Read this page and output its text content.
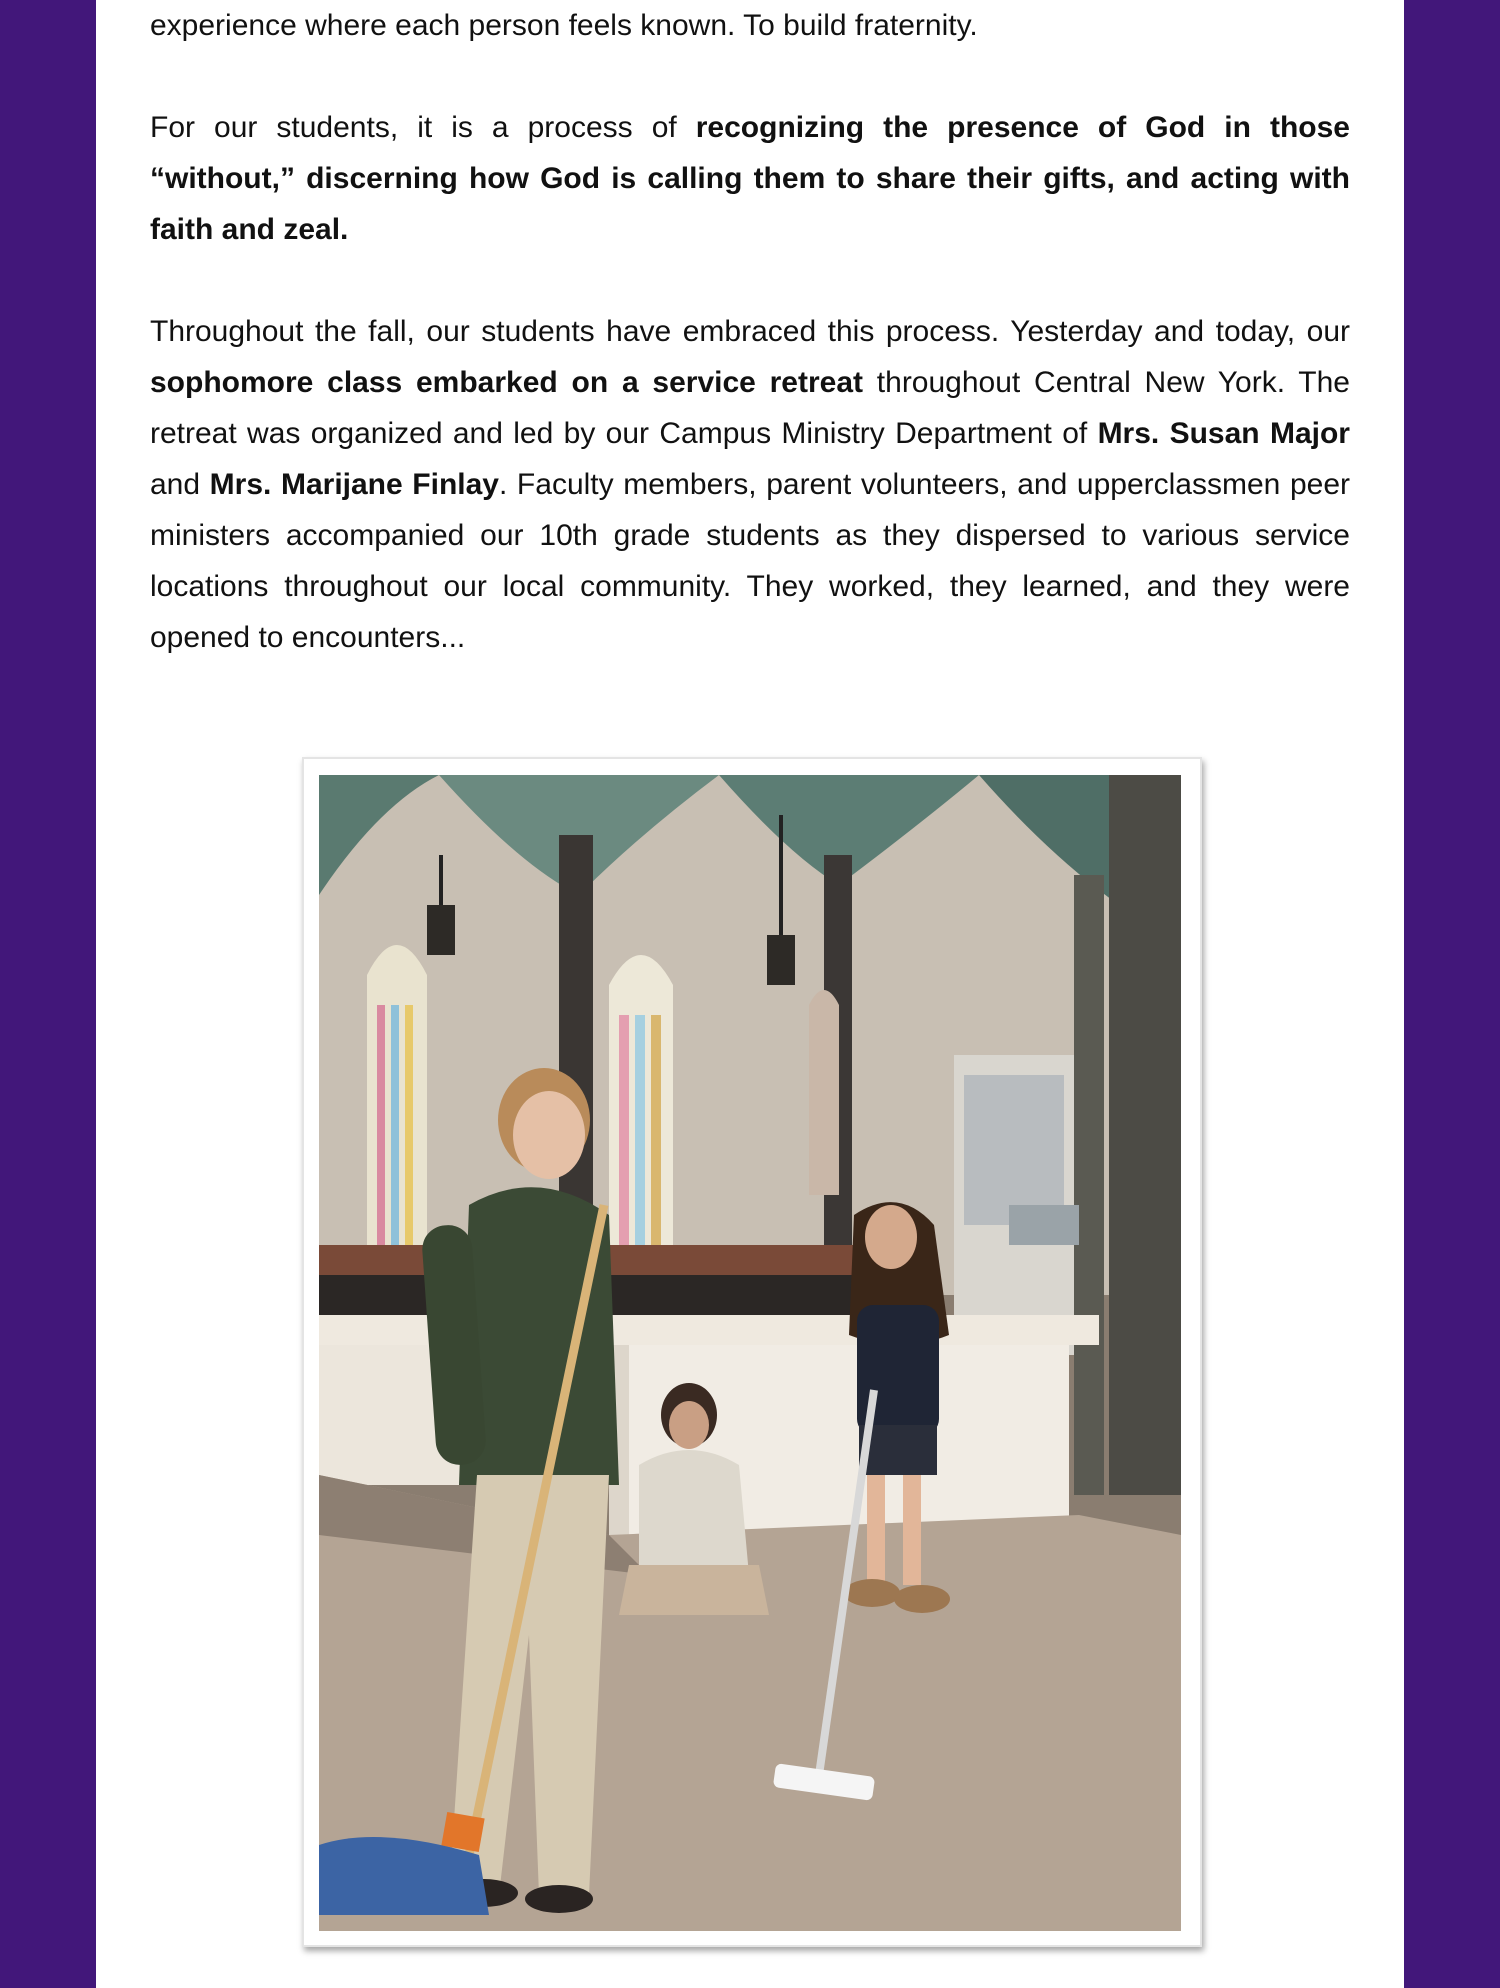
experience where each person feels known. To build fraternity.

For our students, it is a process of recognizing the presence of God in those “without,” discerning how God is calling them to share their gifts, and acting with faith and zeal.

Throughout the fall, our students have embraced this process. Yesterday and today, our sophomore class embarked on a service retreat throughout Central New York. The retreat was organized and led by our Campus Ministry Department of Mrs. Susan Major and Mrs. Marijane Finlay. Faculty members, parent volunteers, and upperclassmen peer ministers accompanied our 10th grade students as they dispersed to various service locations throughout our local community. They worked, they learned, and they were opened to encounters...
